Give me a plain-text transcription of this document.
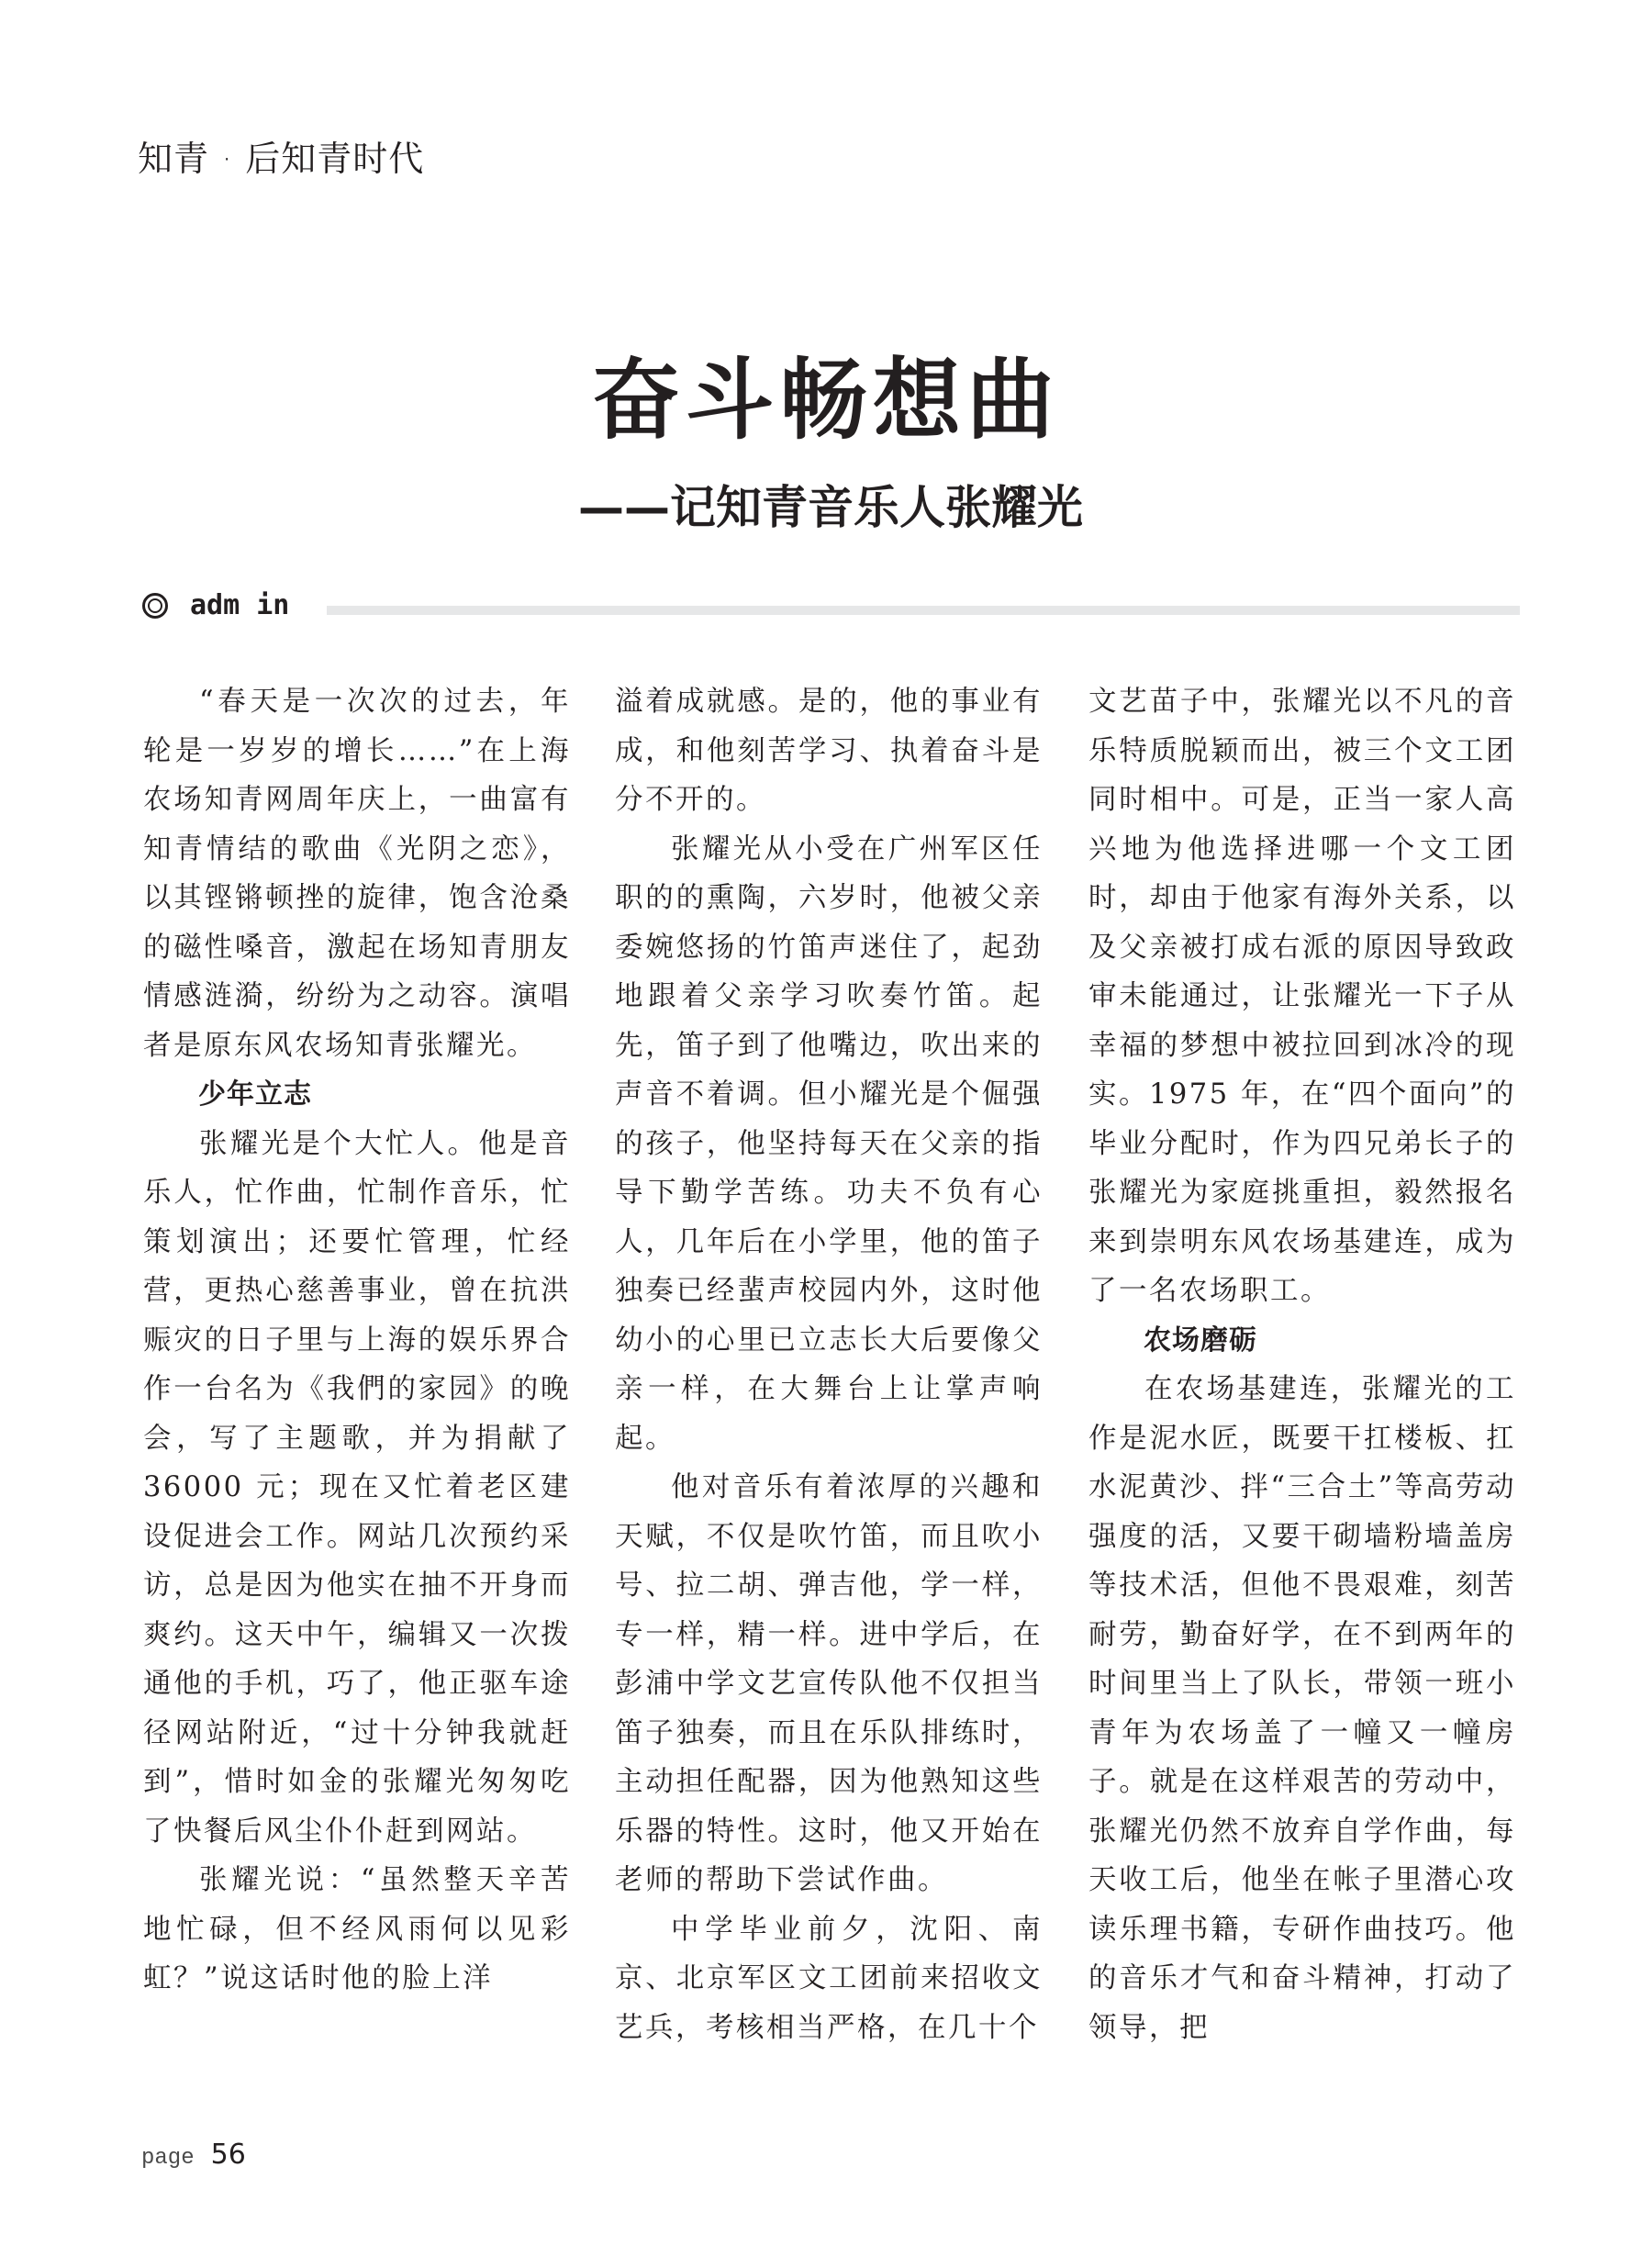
知青 · 后知青时代
奋斗畅想曲
——记知青音乐人张耀光
adm in

“春天是一次次的过去，年轮是一岁岁的增长……”在上海农场知青网周年庆上，一曲富有知青情结的歌曲《光阴之恋》，以其铿锵顿挫的旋律，饱含沧桑的磁性嗓音，激起在场知青朋友情感涟漪，纷纷为之动容。演唱者是原东风农场知青张耀光。

少年立志

张耀光是个大忙人。他是音乐人，忙作曲，忙制作音乐，忙策划演出；还要忙管理，忙经营，更热心慈善事业，曾在抗洪赈灾的日子里与上海的娱乐界合作一台名为《我們的家园》的晚会，写了主题歌，并为捐献了 36000 元；现在又忙着老区建设促进会工作。网站几次预约采访，总是因为他实在抽不开身而爽约。这天中午，编辑又一次拨通他的手机，巧了，他正驱车途径网站附近，“过十分钟我就赶到”，惜时如金的张耀光匆匆吃了快餐后风尘仆仆赶到网站。

张耀光说：“虽然整天辛苦地忙碌，但不经风雨何以见彩虹？”说这话时他的脸上洋

溢着成就感。是的，他的事业有成，和他刻苦学习、执着奋斗是分不开的。

张耀光从小受在广州军区任职的的熏陶，六岁时，他被父亲委婉悠扬的竹笛声迷住了，起劲地跟着父亲学习吹奏竹笛。起先，笛子到了他嘴边，吹出来的声音不着调。但小耀光是个倔强的孩子，他坚持每天在父亲的指导下勤学苦练。功夫不负有心人，几年后在小学里，他的笛子独奏已经蜚声校园内外，这时他幼小的心里已立志长大后要像父亲一样，在大舞台上让掌声响起。

他对音乐有着浓厚的兴趣和天赋，不仅是吹竹笛，而且吹小号、拉二胡、弹吉他，学一样，专一样，精一样。进中学后，在彭浦中学文艺宣传队他不仅担当笛子独奏，而且在乐队排练时，主动担任配器，因为他熟知这些乐器的特性。这时，他又开始在老师的帮助下尝试作曲。

中学毕业前夕，沈阳、南京、北京军区文工团前来招收文艺兵，考核相当严格，在几十个

文艺苗子中，张耀光以不凡的音乐特质脱颖而出，被三个文工团同时相中。可是，正当一家人高兴地为他选择进哪一个文工团时，却由于他家有海外关系，以及父亲被打成右派的原因导致政审未能通过，让张耀光一下子从幸福的梦想中被拉回到冰冷的现实。1975 年，在“四个面向”的毕业分配时，作为四兄弟长子的张耀光为家庭挑重担，毅然报名来到崇明东风农场基建连，成为了一名农场职工。

农场磨砺

在农场基建连，张耀光的工作是泥水匠，既要干扛楼板、扛水泥黄沙、拌“三合土”等高劳动强度的活，又要干砌墙粉墙盖房等技术活，但他不畏艰难，刻苦耐劳，勤奋好学，在不到两年的时间里当上了队长，带领一班小青年为农场盖了一幢又一幢房子。就是在这样艰苦的劳动中，张耀光仍然不放弃自学作曲，每天收工后，他坐在帐子里潜心攻读乐理书籍，专研作曲技巧。他的音乐才气和奋斗精神，打动了领导，把

page 56
